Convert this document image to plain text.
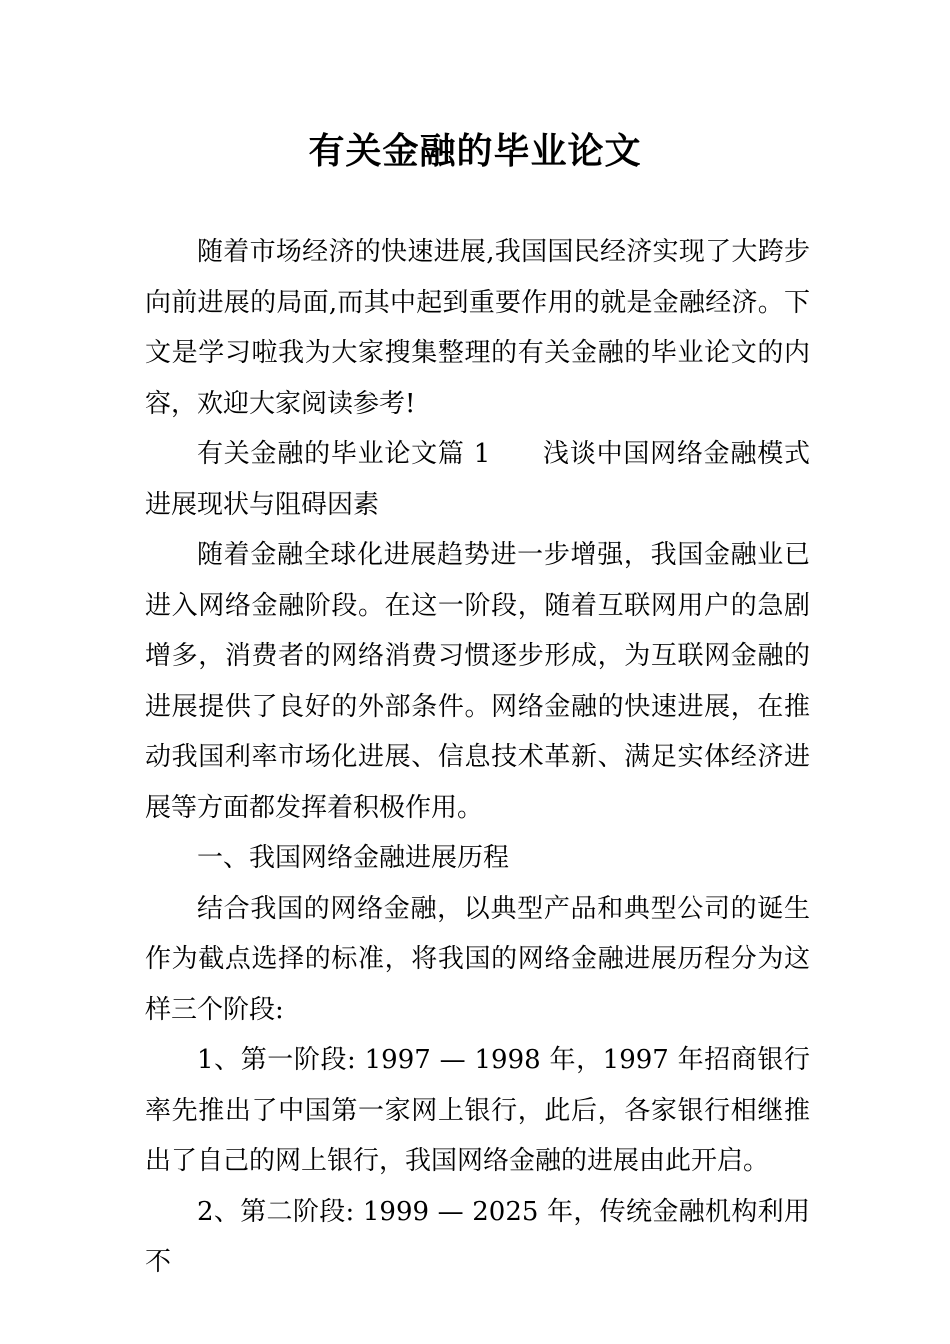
有关金融的毕业论文

随着市场经济的快速进展,我国国民经济实现了大跨步向前进展的局面,而其中起到重要作用的就是金融经济。下文是学习啦我为大家搜集整理的有关金融的毕业论文的内容，欢迎大家阅读参考!

有关金融的毕业论文篇 1 浅谈中国网络金融模式进展现状与阻碍因素

随着金融全球化进展趋势进一步增强，我国金融业已进入网络金融阶段。在这一阶段，随着互联网用户的急剧增多，消费者的网络消费习惯逐步形成，为互联网金融的进展提供了良好的外部条件。网络金融的快速进展，在推动我国利率市场化进展、信息技术革新、满足实体经济进展等方面都发挥着积极作用。

一、我国网络金融进展历程

结合我国的网络金融，以典型产品和典型公司的诞生作为截点选择的标准，将我国的网络金融进展历程分为这样三个阶段:

1、第一阶段: 1997 — 1998 年，1997 年招商银行率先推出了中国第一家网上银行，此后，各家银行相继推出了自己的网上银行，我国网络金融的进展由此开启。

2、第二阶段: 1999 — 2025 年，传统金融机构利用不
